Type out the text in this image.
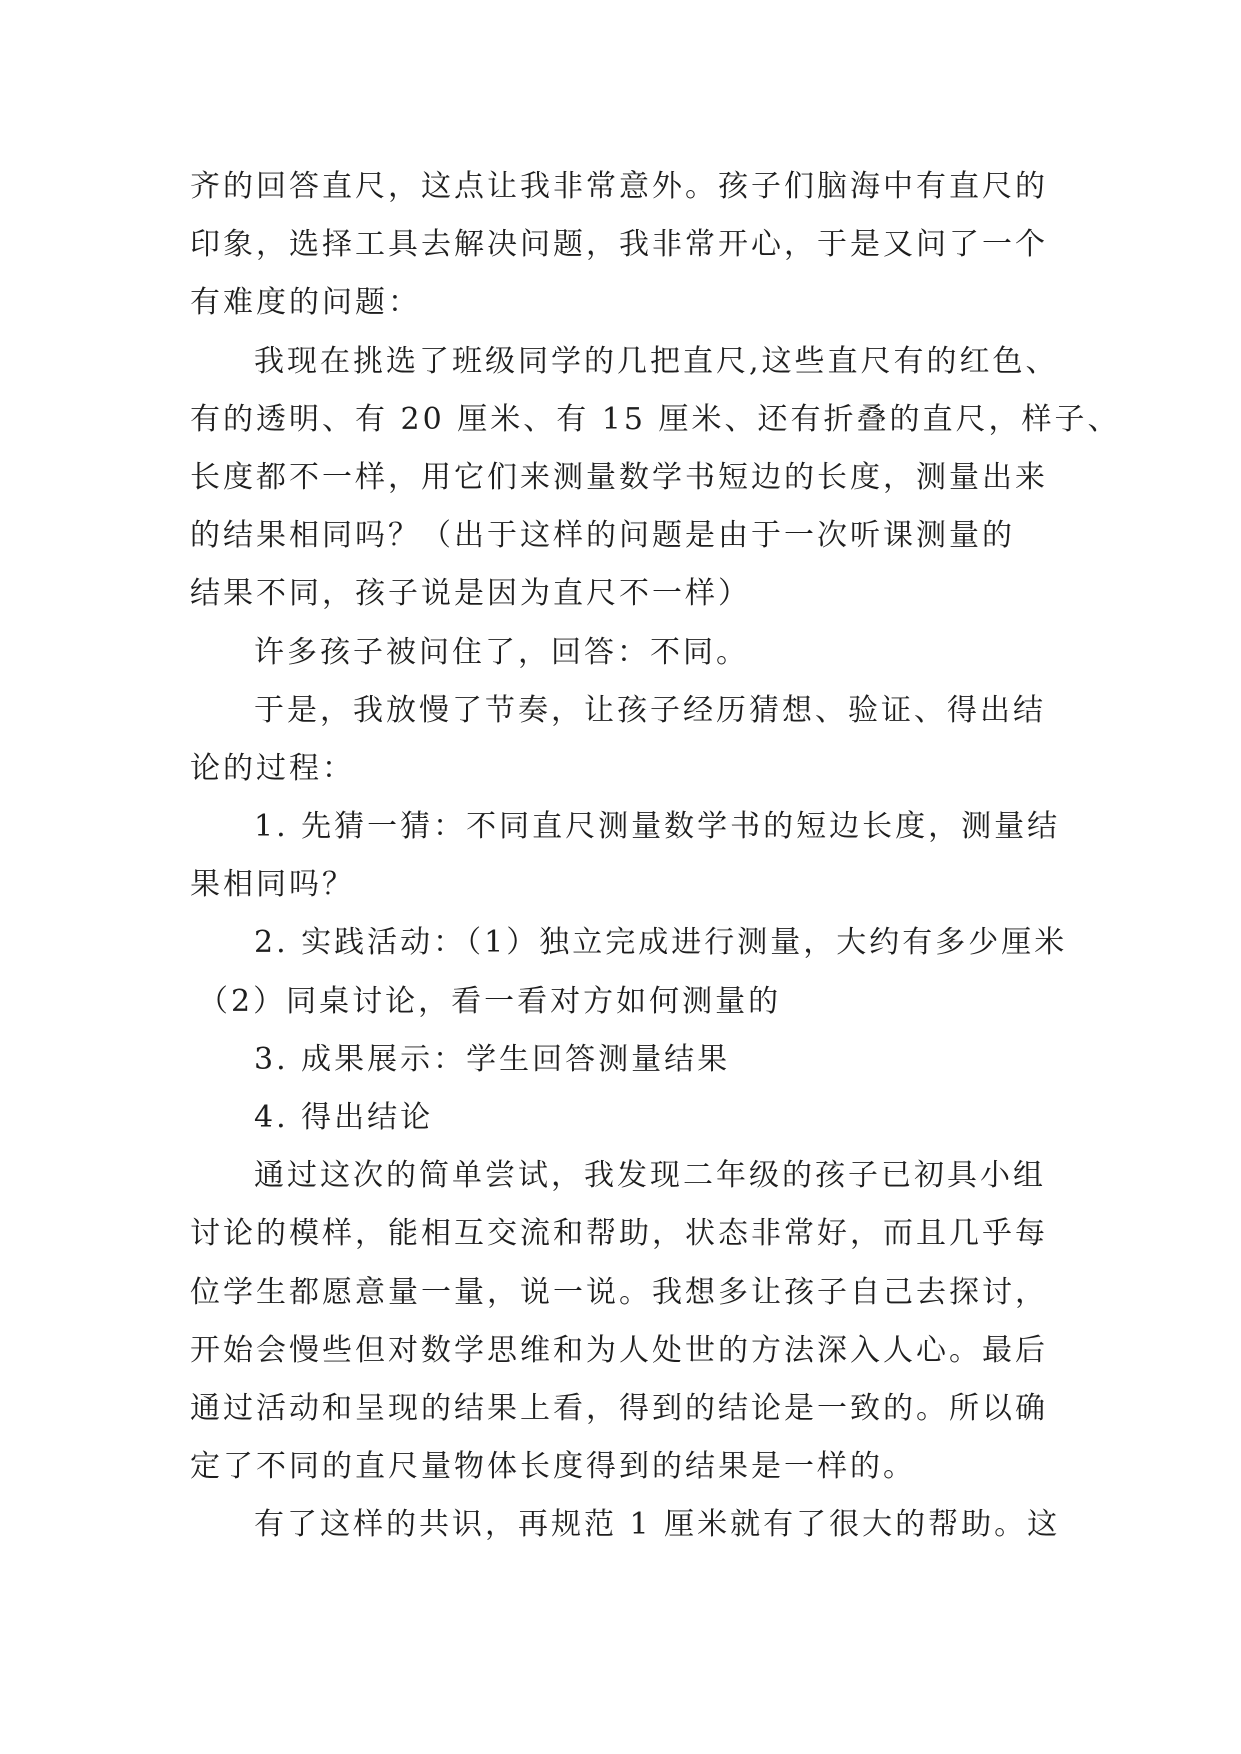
齐的回答直尺，这点让我非常意外。孩子们脑海中有直尺的
印象，选择工具去解决问题，我非常开心，于是又问了一个
有难度的问题：
我现在挑选了班级同学的几把直尺,这些直尺有的红色、
有的透明、有 20 厘米、有 15 厘米、还有折叠的直尺，样子、
长度都不一样，用它们来测量数学书短边的长度，测量出来
的结果相同吗？（出于这样的问题是由于一次听课测量的
结果不同，孩子说是因为直尺不一样）
许多孩子被问住了，回答：不同。
于是，我放慢了节奏，让孩子经历猜想、验证、得出结
论的过程：
1. 先猜一猜：不同直尺测量数学书的短边长度，测量结
果相同吗？
2. 实践活动：（1）独立完成进行测量，大约有多少厘米
（2）同桌讨论，看一看对方如何测量的
3. 成果展示：学生回答测量结果
4. 得出结论
通过这次的简单尝试，我发现二年级的孩子已初具小组
讨论的模样，能相互交流和帮助，状态非常好，而且几乎每
位学生都愿意量一量，说一说。我想多让孩子自己去探讨，
开始会慢些但对数学思维和为人处世的方法深入人心。最后
通过活动和呈现的结果上看，得到的结论是一致的。所以确
定了不同的直尺量物体长度得到的结果是一样的。
有了这样的共识，再规范 1 厘米就有了很大的帮助。这
